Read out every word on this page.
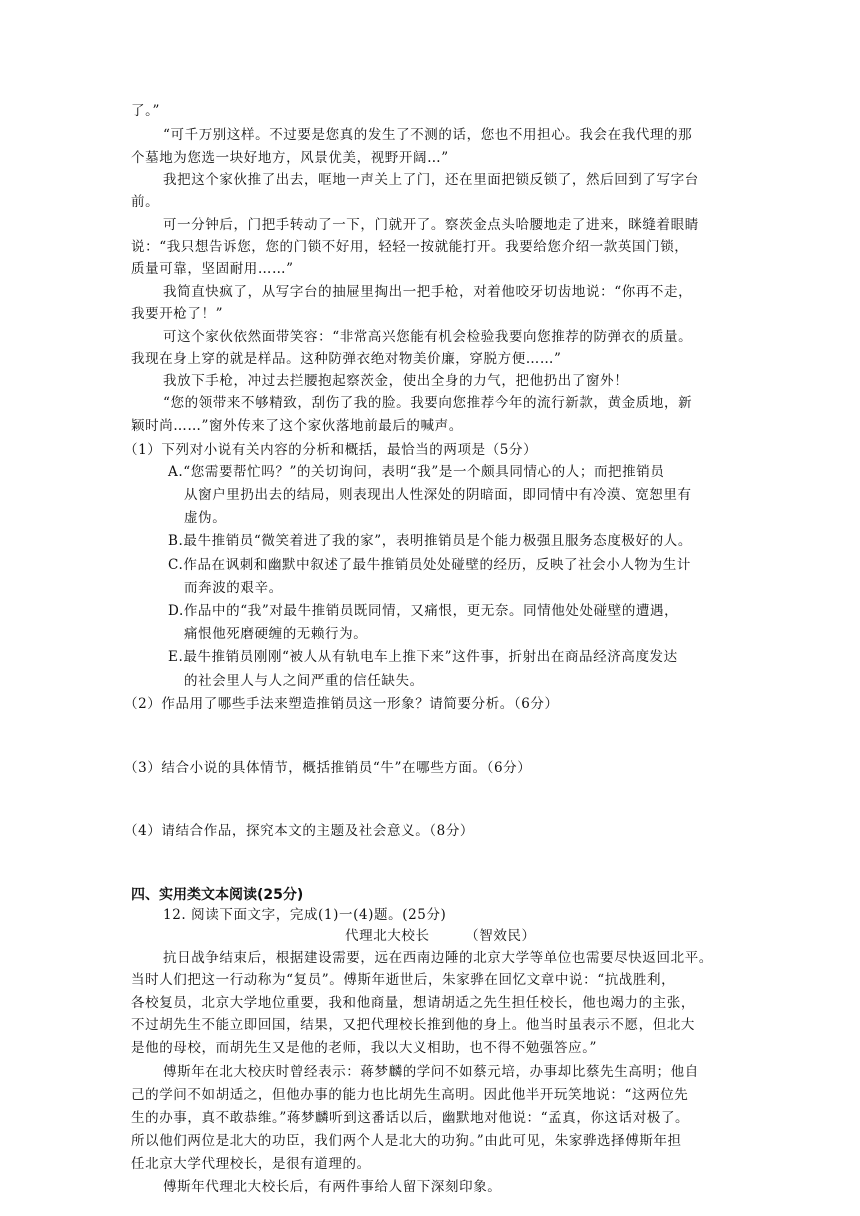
了。”
“可千万别这样。不过要是您真的发生了不测的话，您也不用担心。我会在我代理的那
个墓地为您选一块好地方，风景优美，视野开阔…”
我把这个家伙推了出去，哐地一声关上了门，还在里面把锁反锁了，然后回到了写字台
前。
可一分钟后，门把手转动了一下，门就开了。察茨金点头哈腰地走了进来，眯缝着眼睛
说：“我只想告诉您，您的门锁不好用，轻轻一按就能打开。我要给您介绍一款英国门锁，
质量可靠，坚固耐用……”
我简直快疯了，从写字台的抽屉里掏出一把手枪，对着他咬牙切齿地说：“你再不走，
我要开枪了！”
可这个家伙依然面带笑容：“非常高兴您能有机会检验我要向您推荐的防弹衣的质量。
我现在身上穿的就是样品。这种防弹衣绝对物美价廉，穿脱方便……”
我放下手枪，冲过去拦腰抱起察茨金，使出全身的力气，把他扔出了窗外！
“您的领带来不够精致，刮伤了我的脸。我要向您推荐今年的流行新款，黄金质地，新
颖时尚……”窗外传来了这个家伙落地前最后的喊声。
（1）下列对小说有关内容的分析和概括，最恰当的两项是（5分）
A.“您需要帮忙吗？”的关切询问，表明“我”是一个颇具同情心的人；而把推销员
从窗户里扔出去的结局，则表现出人性深处的阴暗面，即同情中有冷漠、宽恕里有
虚伪。
B.最牛推销员“微笑着进了我的家”，表明推销员是个能力极强且服务态度极好的人。
C.作品在讽刺和幽默中叙述了最牛推销员处处碰壁的经历，反映了社会小人物为生计
而奔波的艰辛。
D.作品中的“我”对最牛推销员既同情，又痛恨，更无奈。同情他处处碰壁的遭遇，
痛恨他死磨硬缠的无赖行为。
E.最牛推销员刚刚“被人从有轨电车上推下来”这件事，折射出在商品经济高度发达
的社会里人与人之间严重的信任缺失。
（2）作品用了哪些手法来塑造推销员这一形象？请简要分析。（6分）
（3）结合小说的具体情节，概括推销员“牛”在哪些方面。（6分）
（4）请结合作品，探究本文的主题及社会意义。（8分）
四、实用类文本阅读(25分)
12. 阅读下面文字，完成(1)一(4)题。(25分)
代理北大校长　　　（智效民）
抗日战争结束后，根据建设需要，远在西南边陲的北京大学等单位也需要尽快返回北平。
当时人们把这一行动称为“复员”。傅斯年逝世后，朱家骅在回忆文章中说：“抗战胜利，
各校复员，北京大学地位重要，我和他商量，想请胡适之先生担任校长，他也竭力的主张，
不过胡先生不能立即回国，结果，又把代理校长推到他的身上。他当时虽表示不愿，但北大
是他的母校，而胡先生又是他的老师，我以大义相助，也不得不勉强答应。”
傅斯年在北大校庆时曾经表示：蒋梦麟的学问不如蔡元培，办事却比蔡先生高明；他自
己的学问不如胡适之，但他办事的能力也比胡先生高明。因此他半开玩笑地说：“这两位先
生的办事，真不敢恭维。”蒋梦麟听到这番话以后，幽默地对他说：“孟真，你这话对极了。
所以他们两位是北大的功臣，我们两个人是北大的功狗。”由此可见，朱家骅选择傅斯年担
任北京大学代理校长，是很有道理的。
傅斯年代理北大校长后，有两件事给人留下深刻印象。
